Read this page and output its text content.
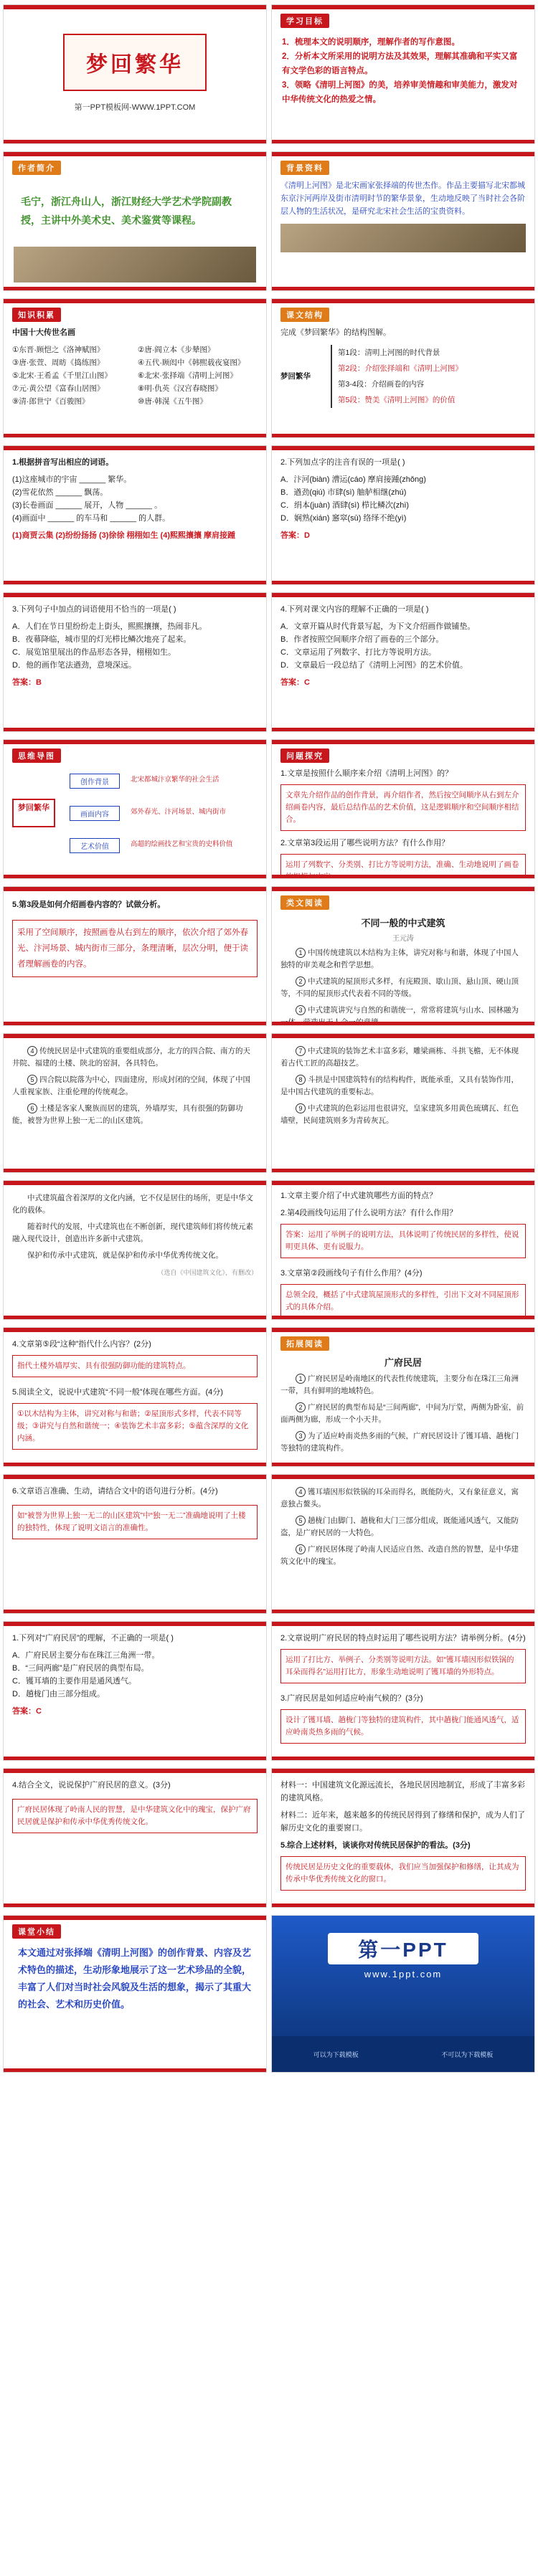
梦回繁华
第一PPT模板网-WWW.1PPT.COM
学习目标

1．梳理本文的说明顺序，理解作者的写作意图。

2．分析本文所采用的说明方法及其效果，理解其准确和平实又富有文学色彩的语言特点。

3．领略《清明上河图》的美，培养审美情趣和审美能力，激发对中华传统文化的热爱之情。

作者简介
毛宁，浙江舟山人，浙江财经大学艺术学院副教授，主讲中外美术史、美术鉴赏等课程。
背景资料
《清明上河图》是北宋画家张择端的传世杰作。作品主要描写北宋都城东京汴河两岸及街市清明时节的繁华景象，生动地反映了当时社会各阶层人物的生活状况，是研究北宋社会生活的宝贵资料。
知识积累
中国十大传世名画

①东晋·顾恺之《洛神赋图》

③唐·张萱、周昉《捣练图》

⑤北宋·王希孟《千里江山图》

⑦元·黄公望《富春山居图》

⑨清·郎世宁《百骏图》

②唐·阎立本《步辇图》

④五代·顾闳中《韩熙载夜宴图》

⑥北宋·张择端《清明上河图》

⑧明·仇英《汉宫春晓图》

⑩唐·韩滉《五牛图》

课文结构
完成《梦回繁华》的结构图解。
梦回繁华

第1段：清明上河图的时代背景

第2段：介绍张择端和《清明上河图》

第3-4段：介绍画卷的内容

第5段：赞美《清明上河图》的价值

1.根据拼音写出相应的词语。

(1)这座城市的宇宙 ______ 繁华。

(2)雪花依然 ______ 飘荡。

(3)长卷画面 ______ 展开，人物 ______ 。

(4)画面中 ______ 的车马和 ______ 的人群。

(1)商贾云集 (2)纷纷扬扬 (3)徐徐 栩栩如生 (4)熙熙攘攘 摩肩接踵
2.下列加点字的注音有误的一项是( )

A．汴河(biàn) 漕运(cáo) 摩肩接踵(zhǒng)

B．遒劲(qiú) 市肆(sì) 舳舻相继(zhú)

C．绢本(juàn) 酒肆(sì) 栉比鳞次(zhì)

D．娴熟(xián) 窸窣(sū) 络绎不绝(yì)

答案：D
3.下列句子中加点的词语使用不恰当的一项是( )

A．人们在节日里纷纷走上街头，熙熙攘攘，热闹非凡。

B．夜幕降临，城市里的灯光栉比鳞次地亮了起来。

C．展览馆里展出的作品形态各异，栩栩如生。

D．他的画作笔法遒劲，意境深远。

答案：B
4.下列对课文内容的理解不正确的一项是( )

A．文章开篇从时代背景写起，为下文介绍画作做铺垫。

B．作者按照空间顺序介绍了画卷的三个部分。

C．文章运用了列数字、打比方等说明方法。

D．文章最后一段总结了《清明上河图》的艺术价值。

答案：C
思维导图
梦回繁华
创作背景
画面内容
艺术价值
北宋都城汴京繁华的社会生活
郊外春光、汴河场景、城内街市
高超的绘画技艺和宝贵的史料价值
问题探究
1.文章是按照什么顺序来介绍《清明上河图》的？
文章先介绍作品的创作背景，再介绍作者，然后按空间顺序从右到左介绍画卷内容，最后总结作品的艺术价值，这是逻辑顺序和空间顺序相结合。
2.文章第3段运用了哪些说明方法？有什么作用？
运用了列数字、分类别、打比方等说明方法，准确、生动地说明了画卷
5.第3段是如何介绍画卷内容的？试做分析。
采用了空间顺序，按照画卷从右到左的顺序，依次介绍了郊外春光、汴河场景、城内街市三部分，条理清晰，层次分明，便于读者理解画卷的内容。
类文阅读
不同一般的中式建筑
王元涛
1 中国传统建筑以木结构为主体，讲究对称与和谐，体现了中国人独特的审美观念和哲学思想。
2 中式建筑的屋顶形式多样，有庑殿顶、歇山顶、悬山顶、硬山顶等，不同的屋顶形式代表着不同的等级。
3 中式建筑讲究与自然的和谐统一，常常将建筑与山水、园林融为
4 传统民居是中式建筑的重要组成部分，北方的四合院、南方的天井院、福建的土楼、陕北的窑洞，各具特色。
5 四合院以院落为中心，四面建房，形成封闭的空间，体现了中国人重视家族、注重伦理的传统观念。
6 土楼是客家人聚族而居的建筑，外墙厚实，具有很强的防御功能，被誉为世界上独一无二的山区建筑。
7 中式建筑的装饰艺术丰富多彩，雕梁画栋、斗拱飞檐，无不体现着古代工匠的高超技艺。
8 斗拱是中国建筑特有的结构构件，既能承重，又具有装饰作用，是中国古代建筑的重要标志。
9 中式建筑的色彩运用也很讲究，皇家建筑多用黄色琉璃瓦、红色墙壁，民间建筑则多为青砖灰瓦。
中式建筑蕴含着深厚的文化内涵，它不仅是居住的场所，更是中华文化的载体。
随着时代的发展，中式建筑也在不断创新，现代建筑师们将传统元素融入现代设计，创造出许多新中式建筑。
保护和传承中式建筑，就是保护和传承中华优秀传统文化。
（选自《中国建筑文化》，有删改）
1.文章主要介绍了中式建筑哪些方面的特点？
2.第4段画线句运用了什么说明方法？有什么作用？
答案：运用了举例子的说明方法，具体说明了传统民居的多样性，使说明更具体、更有说服力。
3.文章第②段画线句子有什么作用？(4分)
总领全段，概括了中式建筑屋顶形式的多样性，引出下文对不同屋顶形式的具体介绍。
4.文章第⑤段“这种”指代什么内容？(2分)
指代土楼外墙厚实、具有很强防御功能的建筑特点。
5.阅读全文，说说中式建筑“不同一般”体现在哪些方面。(4分)
①以木结构为主体，讲究对称与和谐；②屋顶形式多样，代表不同等级；③讲究与自然和谐统一；④装饰艺术丰富多彩；⑤蕴含深厚的文化内涵。
拓展阅读
广府民居
1 广府民居是岭南地区的代表性传统建筑，主要分布在珠江三角洲一带，具有鲜明的地域特色。
2 广府民居的典型布局是“三间两廊”，中间为厅堂，两侧为卧室，前面两侧为廊，形成一个小天井。
3 为了适应岭南炎热多雨的气候，广府民居设计了镬耳墙、趟栊门等独特的建筑构件。
6.文章语言准确、生动，请结合文中的语句进行分析。(4分)
如“被誉为世界上独一无二的山区建筑”中“独一无二”准确地说明了土楼的独特性，体现了说明文语言的准确性。
4 镬耳墙因形似铁锅的耳朵而得名，既能防火，又有象征意义，寓意独占鳌头。
5 趟栊门由脚门、趟栊和大门三部分组成，既能通风透气，又能防盗，是广府民居的一大特色。
6 广府民居体现了岭南人民适应自然、改造自然的智慧，是中华建筑文化中的瑰宝。
1.下列对“广府民居”的理解，不正确的一项是( )

A．广府民居主要分布在珠江三角洲一带。

B．“三间两廊”是广府民居的典型布局。

C．镬耳墙的主要作用是通风透气。

D．趟栊门由三部分组成。

答案：C
2.文章说明广府民居的特点时运用了哪些说明方法？请举例分析。(4分)
运用了打比方、举例子、分类别等说明方法。如“镬耳墙因形似铁锅的耳朵而得名”运用打比方，形象生动地说明了镬耳墙的外形特点。
3.广府民居是如何适应岭南气候的？(3分)
设计了镬耳墙、趟栊门等独特的建筑构件，其中趟栊门能通风透气，适应岭南炎热多雨的气候。
4.结合全文，说说保护广府民居的意义。(3分)
广府民居体现了岭南人民的智慧，是中华建筑文化中的瑰宝，保护广府民居就是保护和传承中华优秀传统文化。
材料一：中国建筑文化源远流长，各地民居因地制宜，形成了丰富多彩的建筑风格。
材料二：近年来，越来越多的传统民居得到了修缮和保护，成为人们了解历史文化的重要窗口。
5.综合上述材料，谈谈你对传统民居保护的看法。(3分)
传统民居是历史文化的重要载体，我们应当加强保护和修缮，让其成为传承中华优秀传统文化的窗口。
课堂小结
本文通过对张择端《清明上河图》的创作背景、内容及艺术特色的描述，生动形象地展示了这一艺术珍品的全貌，丰富了人们对当时社会风貌及生活的想象，揭示了其重大的社会、艺术和历史价值。
第一PPT
www.1ppt.com
可以为下载模板	不可以为下载模板
